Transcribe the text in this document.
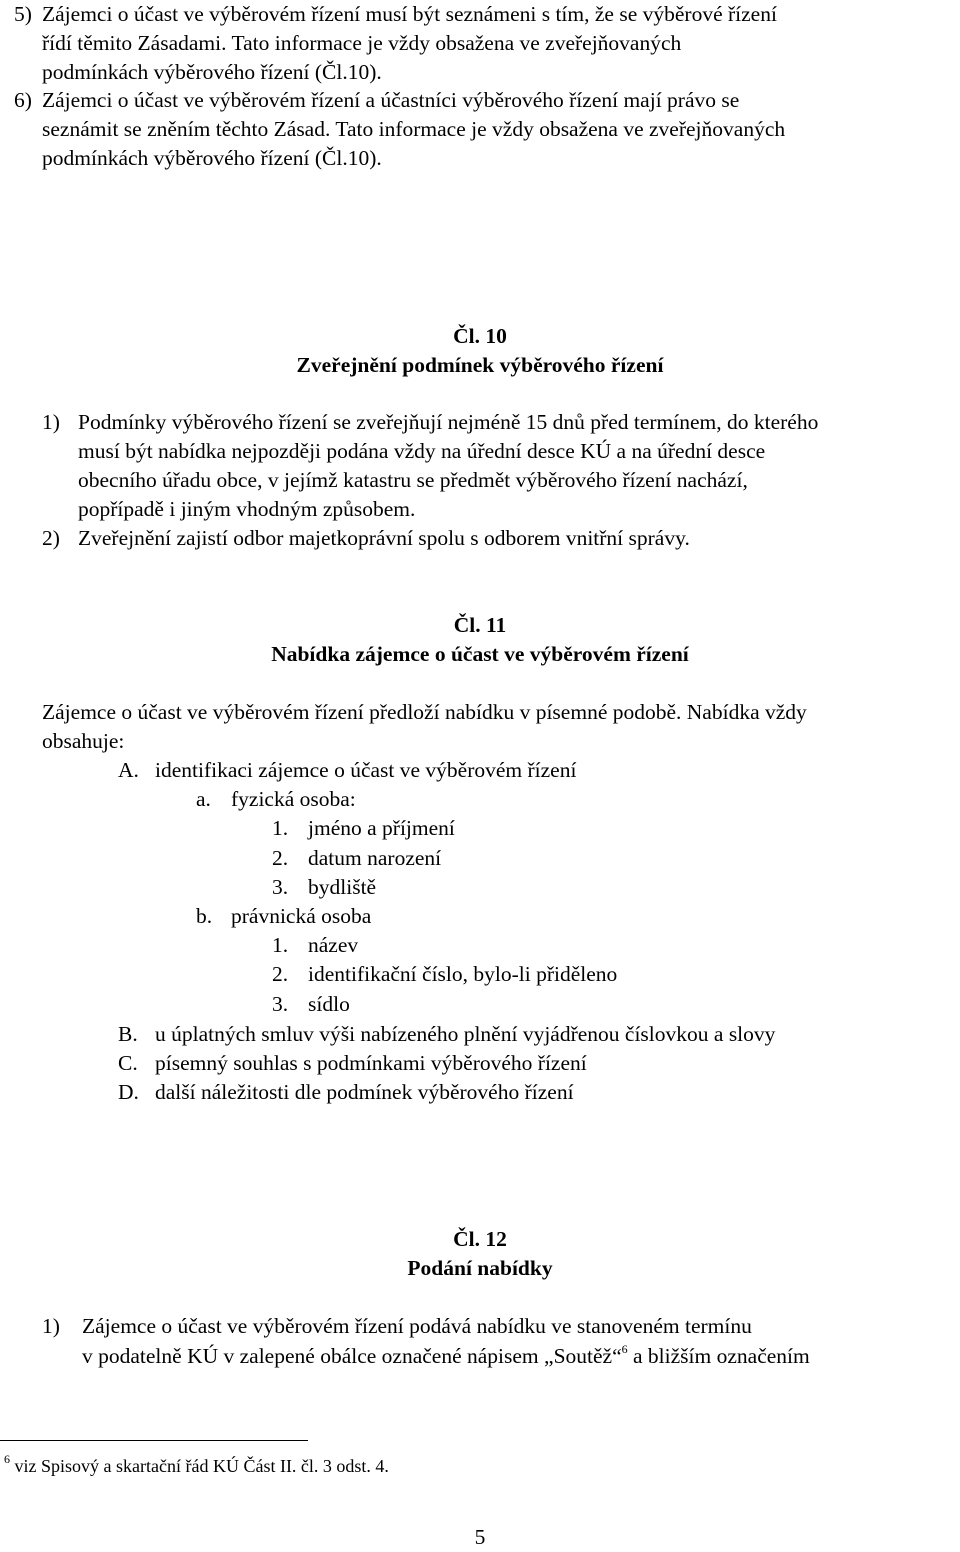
5) Zájemci o účast ve výběrovém řízení musí být seznámeni s tím, že se výběrové řízení
řídí těmito Zásadami. Tato informace je vždy obsažena ve zveřejňovaných
podmínkách výběrového řízení (Čl.10).
6) Zájemci o účast ve výběrovém řízení a účastníci výběrového řízení mají právo se
seznámit se zněním těchto Zásad. Tato informace je vždy obsažena ve zveřejňovaných
podmínkách výběrového řízení (Čl.10).
Čl. 10
Zveřejnění podmínek výběrového řízení
1) Podmínky výběrového řízení se zveřejňují nejméně 15 dnů před termínem, do kterého
musí být nabídka nejpozději podána vždy na úřední desce KÚ a na úřední desce
obecního úřadu obce, v jejímž katastru se předmět výběrového řízení nachází,
popřípadě i jiným vhodným způsobem.
2) Zveřejnění zajistí odbor majetkoprávní spolu s odborem vnitřní správy.
Čl. 11
Nabídka zájemce o účast ve výběrovém řízení
Zájemce o účast ve výběrovém řízení předloží nabídku v písemné podobě. Nabídka vždy
obsahuje:
A. identifikaci zájemce o účast ve výběrovém řízení
a. fyzická osoba:
1. jméno a příjmení
2. datum narození
3. bydliště
b. právnická osoba
1. název
2. identifikační číslo, bylo-li přiděleno
3. sídlo
B. u úplatných smluv výši nabízeného plnění vyjádřenou číslovkou a slovy
C. písemný souhlas s podmínkami výběrového řízení
D. další náležitosti dle podmínek výběrového řízení
Čl. 12
Podání nabídky
1) Zájemce o účast ve výběrovém řízení podává nabídku ve stanoveném termínu
v podatelně KÚ v zalepené obálce označené nápisem „Soutěž“$^6$ a bližším označením
$^6$ viz Spisový a skartační řád KÚ Část II. čl. 3 odst. 4.
5
